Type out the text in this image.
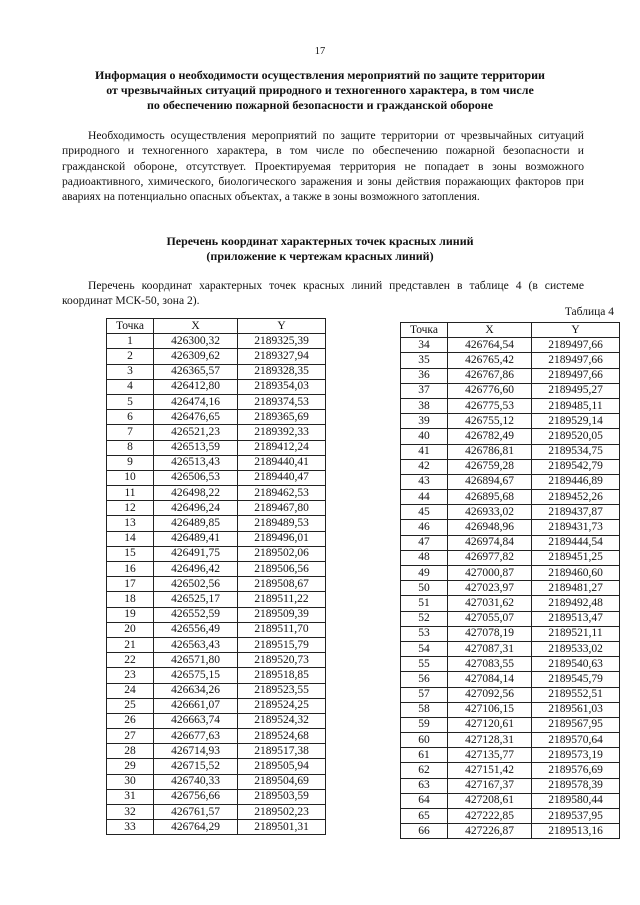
17
Информация о необходимости осуществления мероприятий по защите территории
от чрезвычайных ситуаций природного и техногенного характера, в том числе
по обеспечению пожарной безопасности и гражданской обороне
Необходимость осуществления мероприятий по защите территории от чрезвычайных ситуаций природного и техногенного характера, в том числе по обеспечению пожарной безопасности и гражданской обороне, отсутствует. Проектируемая территория не попадает в зоны возможного радиоактивного, химического, биологического заражения и зоны действия поражающих факторов при авариях на потенциально опасных объектах, а также в зоны возможного затопления.
Перечень координат характерных точек красных линий
(приложение к чертежам красных линий)
Перечень координат характерных точек красных линий представлен в таблице 4 (в системе координат МСК-50, зона 2).
Таблица 4
Точка	X	Y
1	426300,32	2189325,39
2	426309,62	2189327,94
3	426365,57	2189328,35
4	426412,80	2189354,03
5	426474,16	2189374,53
6	426476,65	2189365,69
7	426521,23	2189392,33
8	426513,59	2189412,24
9	426513,43	2189440,41
10	426506,53	2189440,47
11	426498,22	2189462,53
12	426496,24	2189467,80
13	426489,85	2189489,53
14	426489,41	2189496,01
15	426491,75	2189502,06
16	426496,42	2189506,56
17	426502,56	2189508,67
18	426525,17	2189511,22
19	426552,59	2189509,39
20	426556,49	2189511,70
21	426563,43	2189515,79
22	426571,80	2189520,73
23	426575,15	2189518,85
24	426634,26	2189523,55
25	426661,07	2189524,25
26	426663,74	2189524,32
27	426677,63	2189524,68
28	426714,93	2189517,38
29	426715,52	2189505,94
30	426740,33	2189504,69
31	426756,66	2189503,59
32	426761,57	2189502,23
33	426764,29	2189501,31
Точка	X	Y
34	426764,54	2189497,66
35	426765,42	2189497,66
36	426767,86	2189497,66
37	426776,60	2189495,27
38	426775,53	2189485,11
39	426755,12	2189529,14
40	426782,49	2189520,05
41	426786,81	2189534,75
42	426759,28	2189542,79
43	426894,67	2189446,89
44	426895,68	2189452,26
45	426933,02	2189437,87
46	426948,96	2189431,73
47	426974,84	2189444,54
48	426977,82	2189451,25
49	427000,87	2189460,60
50	427023,97	2189481,27
51	427031,62	2189492,48
52	427055,07	2189513,47
53	427078,19	2189521,11
54	427087,31	2189533,02
55	427083,55	2189540,63
56	427084,14	2189545,79
57	427092,56	2189552,51
58	427106,15	2189561,03
59	427120,61	2189567,95
60	427128,31	2189570,64
61	427135,77	2189573,19
62	427151,42	2189576,69
63	427167,37	2189578,39
64	427208,61	2189580,44
65	427222,85	2189537,95
66	427226,87	2189513,16
